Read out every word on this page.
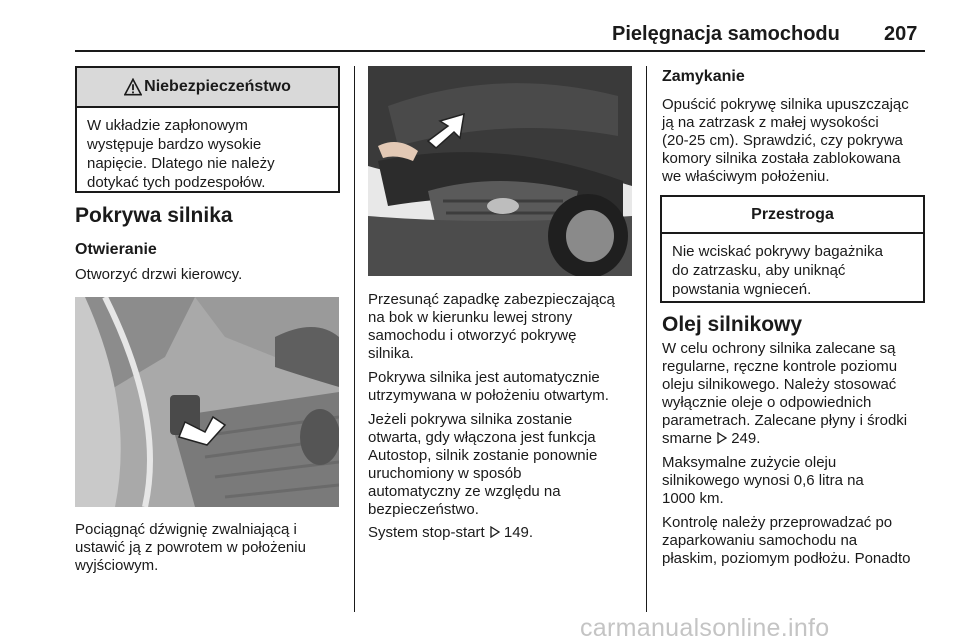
Pielęgnacja samochodu 207
Niebezpieczeństwo
W układzie zapłonowym
występuje bardzo wysokie
napięcie. Dlatego nie należy
dotykać tych podzespołów.
Pokrywa silnika
Otwieranie
Otworzyć drzwi kierowcy.
Pociągnąć dźwignię zwalniającą i
ustawić ją z powrotem w położeniu
wyjściowym.
Przesunąć zapadkę zabezpieczającą
na bok w kierunku lewej strony
samochodu i otworzyć pokrywę
silnika.
Pokrywa silnika jest automatycznie
utrzymywana w położeniu otwartym.
Jeżeli pokrywa silnika zostanie
otwarta, gdy włączona jest funkcja
Autostop, silnik zostanie ponownie
uruchomiony w sposób
automatyczny ze względu na
bezpieczeństwo.
System stop-start 149.
Zamykanie
Opuścić pokrywę silnika upuszczając
ją na zatrzask z małej wysokości
(20-25 cm). Sprawdzić, czy pokrywa
komory silnika została zablokowana
we właściwym położeniu.
Przestroga
Nie wciskać pokrywy bagażnika
do zatrzasku, aby uniknąć
powstania wgnieceń.
Olej silnikowy
W celu ochrony silnika zalecane są
regularne, ręczne kontrole poziomu
oleju silnikowego. Należy stosować
wyłącznie oleje o odpowiednich
parametrach. Zalecane płyny i środki
smarne 249.
Maksymalne zużycie oleju
silnikowego wynosi 0,6 litra na
1000 km.
Kontrolę należy przeprowadzać po
zaparkowaniu samochodu na
płaskim, poziomym podłożu. Ponadto
carmanualsonline.info
